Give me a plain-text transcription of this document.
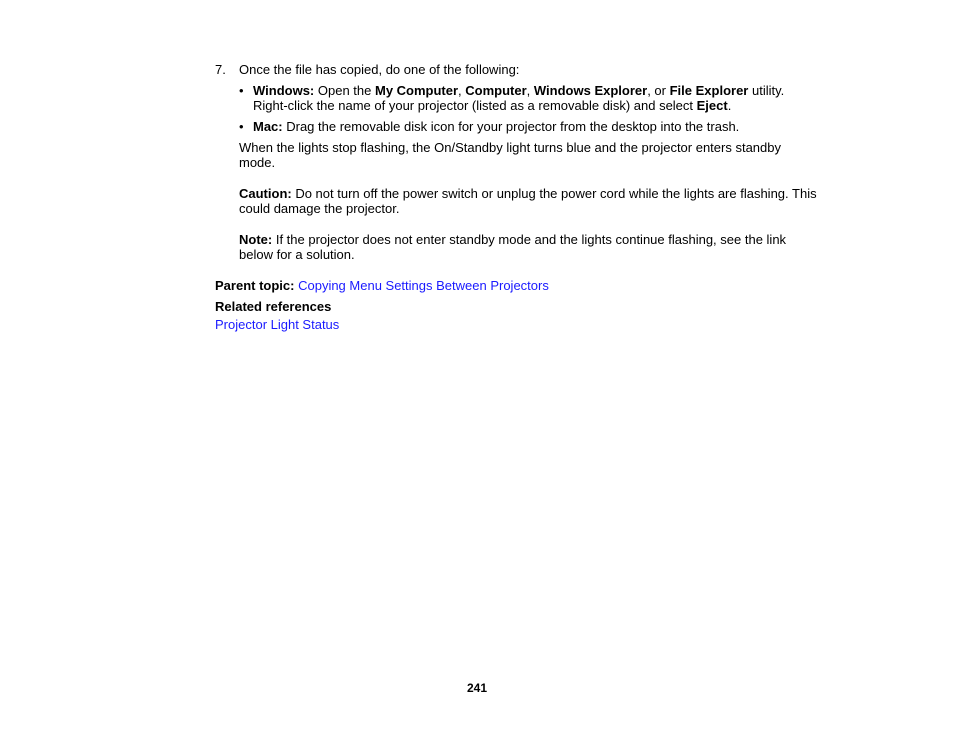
7. Once the file has copied, do one of the following:
• Windows: Open the My Computer, Computer, Windows Explorer, or File Explorer utility.
Right-click the name of your projector (listed as a removable disk) and select Eject.
• Mac: Drag the removable disk icon for your projector from the desktop into the trash.
When the lights stop flashing, the On/Standby light turns blue and the projector enters standby
mode.
Caution: Do not turn off the power switch or unplug the power cord while the lights are flashing. This
could damage the projector.
Note: If the projector does not enter standby mode and the lights continue flashing, see the link
below for a solution.
Parent topic: Copying Menu Settings Between Projectors
Related references
Projector Light Status
241
